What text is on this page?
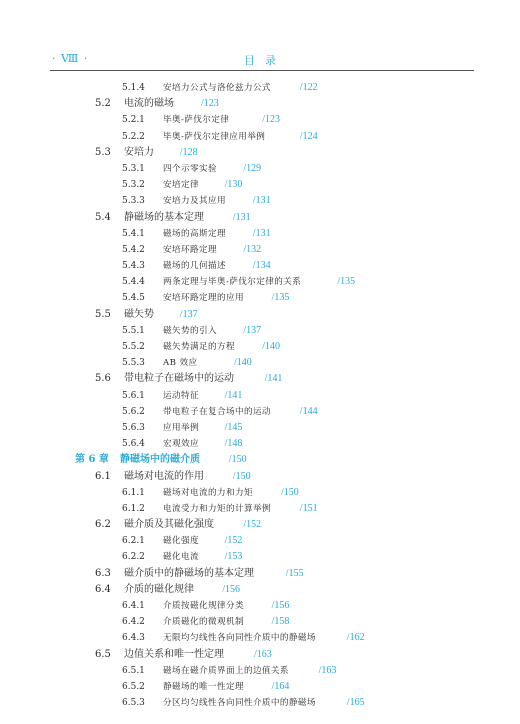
· Ⅷ ·	目录
5.1.4 安培力公式与洛伦兹力公式	/122
5.2 电流的磁场	/123
5.2.1 毕奥-萨伐尔定律	/123
5.2.2 毕奥-萨伐尔定律应用举例	/124
5.3 安培力	/128
5.3.1 四个示零实验	/129
5.3.2 安培定律	/130
5.3.3 安培力及其应用	/131
5.4 静磁场的基本定理	/131
5.4.1 磁场的高斯定理	/131
5.4.2 安培环路定理	/132
5.4.3 磁场的几何描述	/134
5.4.4 两条定理与毕奥-萨伐尔定律的关系	/135
5.4.5 安培环路定理的应用	/135
5.5 磁矢势	/137
5.5.1 磁矢势的引入	/137
5.5.2 磁矢势满足的方程	/140
5.5.3 AB 效应	/140
5.6 带电粒子在磁场中的运动	/141
5.6.1 运动特征	/141
5.6.2 带电粒子在复合场中的运动	/144
5.6.3 应用举例	/145
5.6.4 宏观效应	/148
第 6 章 静磁场中的磁介质	/150
6.1 磁场对电流的作用	/150
6.1.1 磁场对电流的力和力矩	/150
6.1.2 电流受力和力矩的计算举例	/151
6.2 磁介质及其磁化强度	/152
6.2.1 磁化强度	/152
6.2.2 磁化电流	/153
6.3 磁介质中的静磁场的基本定理	/155
6.4 介质的磁化规律	/156
6.4.1 介质按磁化规律分类	/156
6.4.2 介质磁化的微观机制	/158
6.4.3 无限均匀线性各向同性介质中的静磁场	/162
6.5 边值关系和唯一性定理	/163
6.5.1 磁场在磁介质界面上的边值关系	/163
6.5.2 静磁场的唯一性定理	/164
6.5.3 分区均匀线性各向同性介质中的静磁场	/165
